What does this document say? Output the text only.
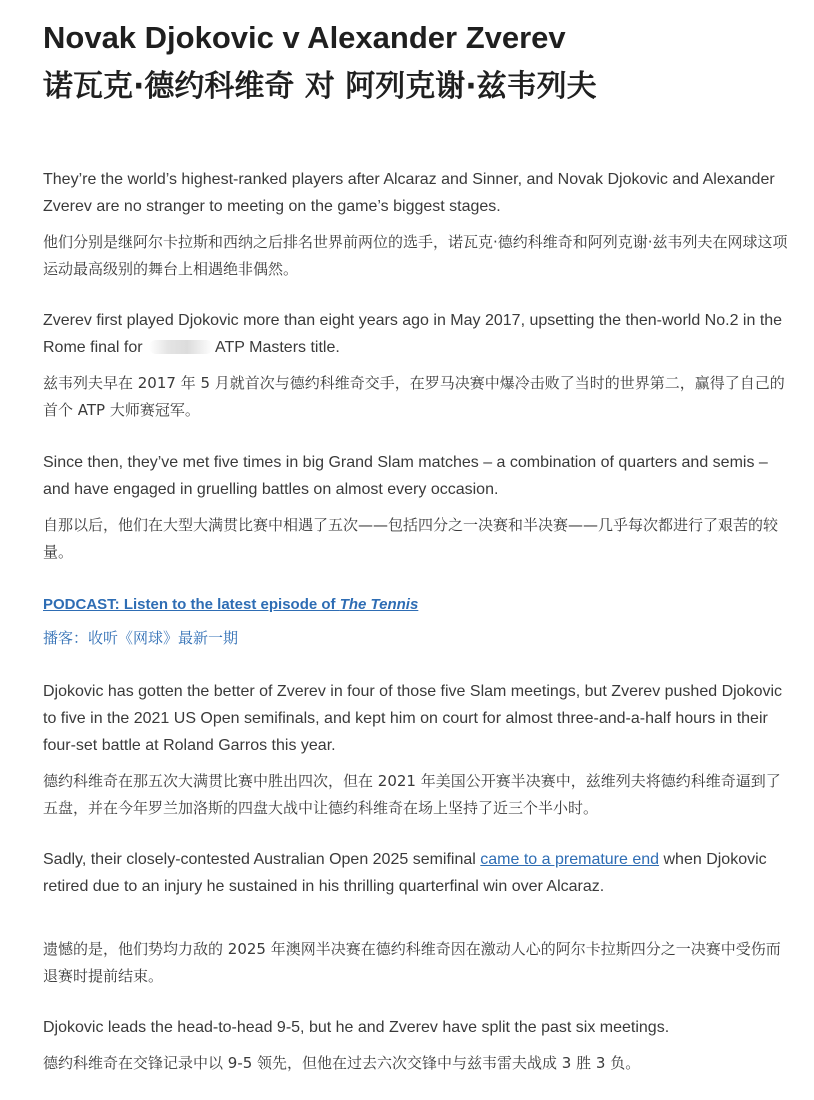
Novak Djokovic v Alexander Zverev
诺瓦克·德约科维奇 对 阿列克谢·兹韦列夫

They’re the world’s highest-ranked players after Alcaraz and Sinner, and Novak Djokovic and Alexander Zverev are no stranger to meeting on the game’s biggest stages.

他们分别是继阿尔卡拉斯和西纳之后排名世界前两位的选手，诺瓦克·德约科维奇和阿列克谢·兹韦列夫在网球这项运动最高级别的舞台上相遇绝非偶然。

Zverev first played Djokovic more than eight years ago in May 2017, upsetting the then-world No.2 in the Rome final for	ATP Masters title.

兹韦列夫早在 2017 年 5 月就首次与德约科维奇交手，在罗马决赛中爆冷击败了当时的世界第二，赢得了自己的首个 ATP 大师赛冠军。

Since then, they’ve met five times in big Grand Slam matches – a combination of quarters and semis – and have engaged in gruelling battles on almost every occasion.

自那以后，他们在大型大满贯比赛中相遇了五次——包括四分之一决赛和半决赛——几乎每次都进行了艰苦的较量。

PODCAST: Listen to the latest episode of The Tennis

播客：收听《网球》最新一期

Djokovic has gotten the better of Zverev in four of those five Slam meetings, but Zverev pushed Djokovic to five in the 2021 US Open semifinals, and kept him on court for almost three-and-a-half hours in their four-set battle at Roland Garros this year.

德约科维奇在那五次大满贯比赛中胜出四次，但在 2021 年美国公开赛半决赛中，兹维列夫将德约科维奇逼到了五盘，并在今年罗兰加洛斯的四盘大战中让德约科维奇在场上坚持了近三个半小时。

Sadly, their closely-contested Australian Open 2025 semifinal came to a premature end when Djokovic retired due to an injury he sustained in his thrilling quarterfinal win over Alcaraz.

遗憾的是，他们势均力敌的 2025 年澳网半决赛在德约科维奇因在激动人心的阿尔卡拉斯四分之一决赛中受伤而退赛时提前结束。

Djokovic leads the head-to-head 9-5, but he and Zverev have split the past six meetings.

德约科维奇在交锋记录中以 9-5 领先，但他在过去六次交锋中与兹韦雷夫战成 3 胜 3 负。
